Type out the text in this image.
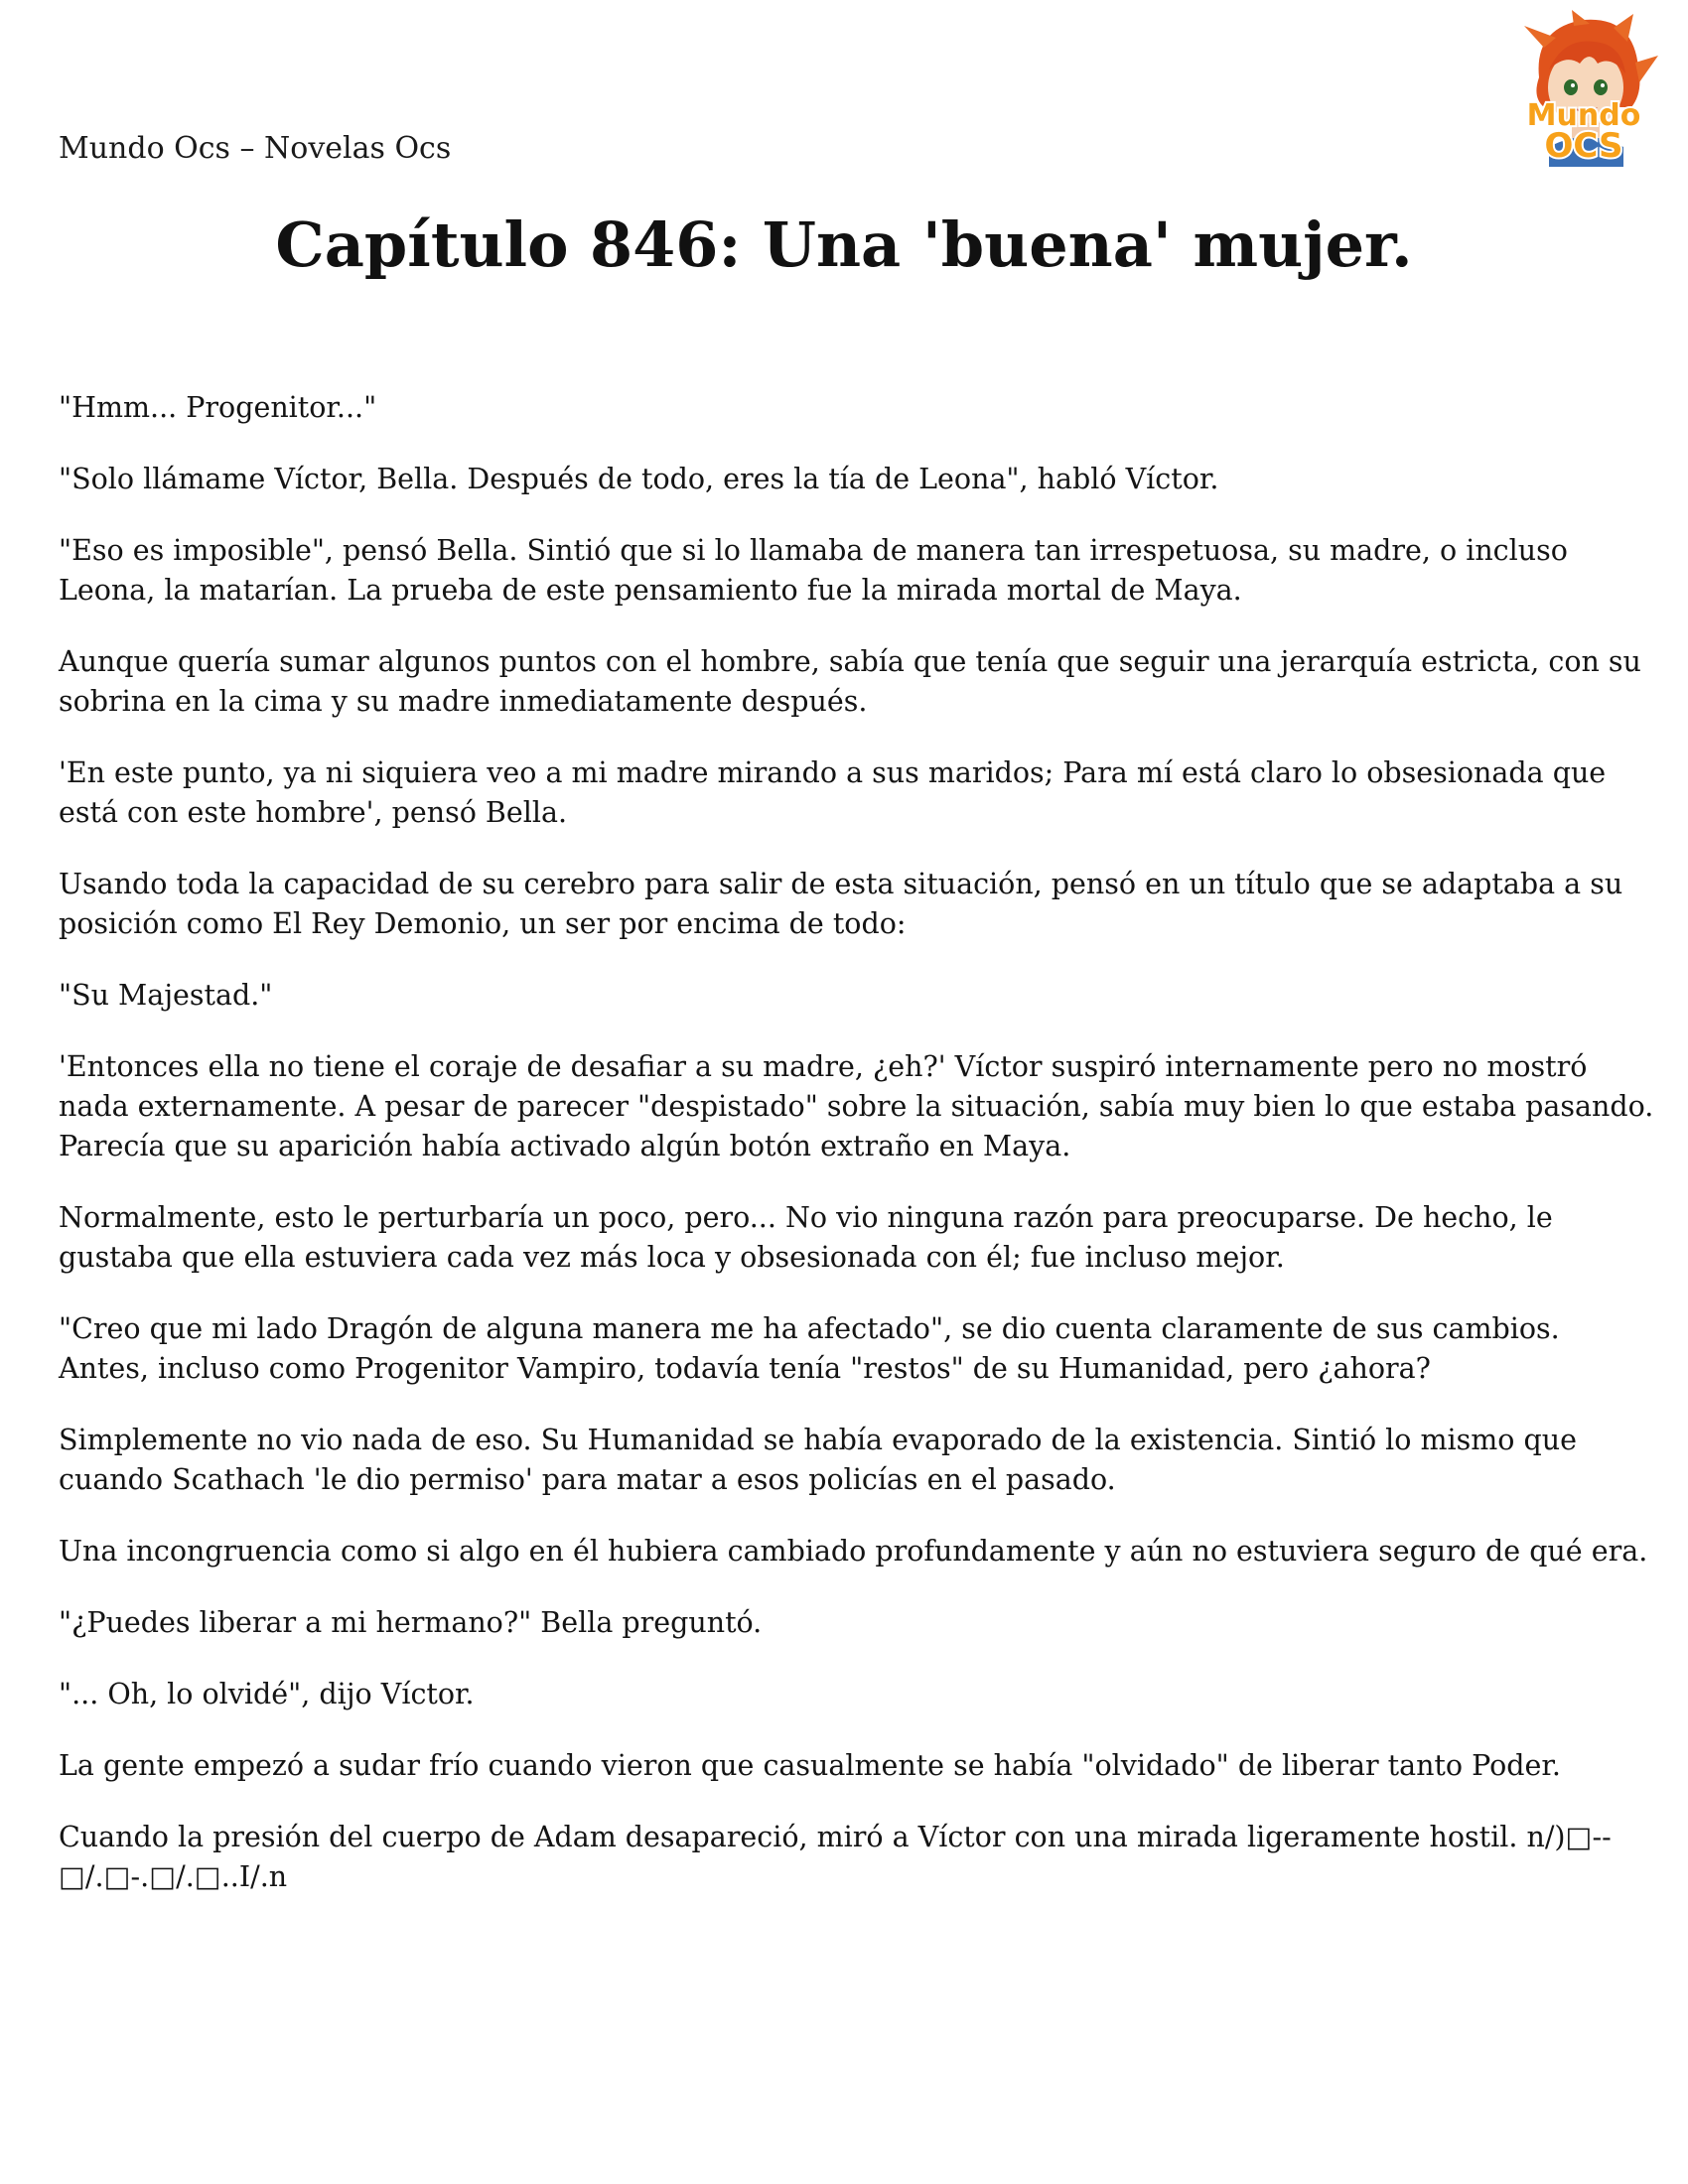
Mundo Ocs – Novelas Ocs
Mundo
OCS
Capítulo 846: Una 'buena' mujer.

"Hmm... Progenitor..."

"Solo llámame Víctor, Bella. Después de todo, eres la tía de Leona", habló Víctor.

"Eso es imposible", pensó Bella. Sintió que si lo llamaba de manera tan irrespetuosa, su madre, o incluso Leona, la matarían. La prueba de este pensamiento fue la mirada mortal de Maya.

Aunque quería sumar algunos puntos con el hombre, sabía que tenía que seguir una jerarquía estricta, con su sobrina en la cima y su madre inmediatamente después.

'En este punto, ya ni siquiera veo a mi madre mirando a sus maridos; Para mí está claro lo obsesionada que está con este hombre', pensó Bella.

Usando toda la capacidad de su cerebro para salir de esta situación, pensó en un título que se adaptaba a su posición como El Rey Demonio, un ser por encima de todo:

"Su Majestad."

'Entonces ella no tiene el coraje de desafiar a su madre, ¿eh?' Víctor suspiró internamente pero no mostró nada externamente. A pesar de parecer "despistado" sobre la situación, sabía muy bien lo que estaba pasando. Parecía que su aparición había activado algún botón extraño en Maya.

Normalmente, esto le perturbaría un poco, pero... No vio ninguna razón para preocuparse. De hecho, le gustaba que ella estuviera cada vez más loca y obsesionada con él; fue incluso mejor.

"Creo que mi lado Dragón de alguna manera me ha afectado", se dio cuenta claramente de sus cambios. Antes, incluso como Progenitor Vampiro, todavía tenía "restos" de su Humanidad, pero ¿ahora?

Simplemente no vio nada de eso. Su Humanidad se había evaporado de la existencia. Sintió lo mismo que cuando Scathach 'le dio permiso' para matar a esos policías en el pasado.

Una incongruencia como si algo en él hubiera cambiado profundamente y aún no estuviera seguro de qué era.

"¿Puedes liberar a mi hermano?" Bella preguntó.

"... Oh, lo olvidé", dijo Víctor.

La gente empezó a sudar frío cuando vieron que casualmente se había "olvidado" de liberar tanto Poder.

Cuando la presión del cuerpo de Adam desapareció, miró a Víctor con una mirada ligeramente hostil. n/)□-- □/.□-.□/.□..I/.n
